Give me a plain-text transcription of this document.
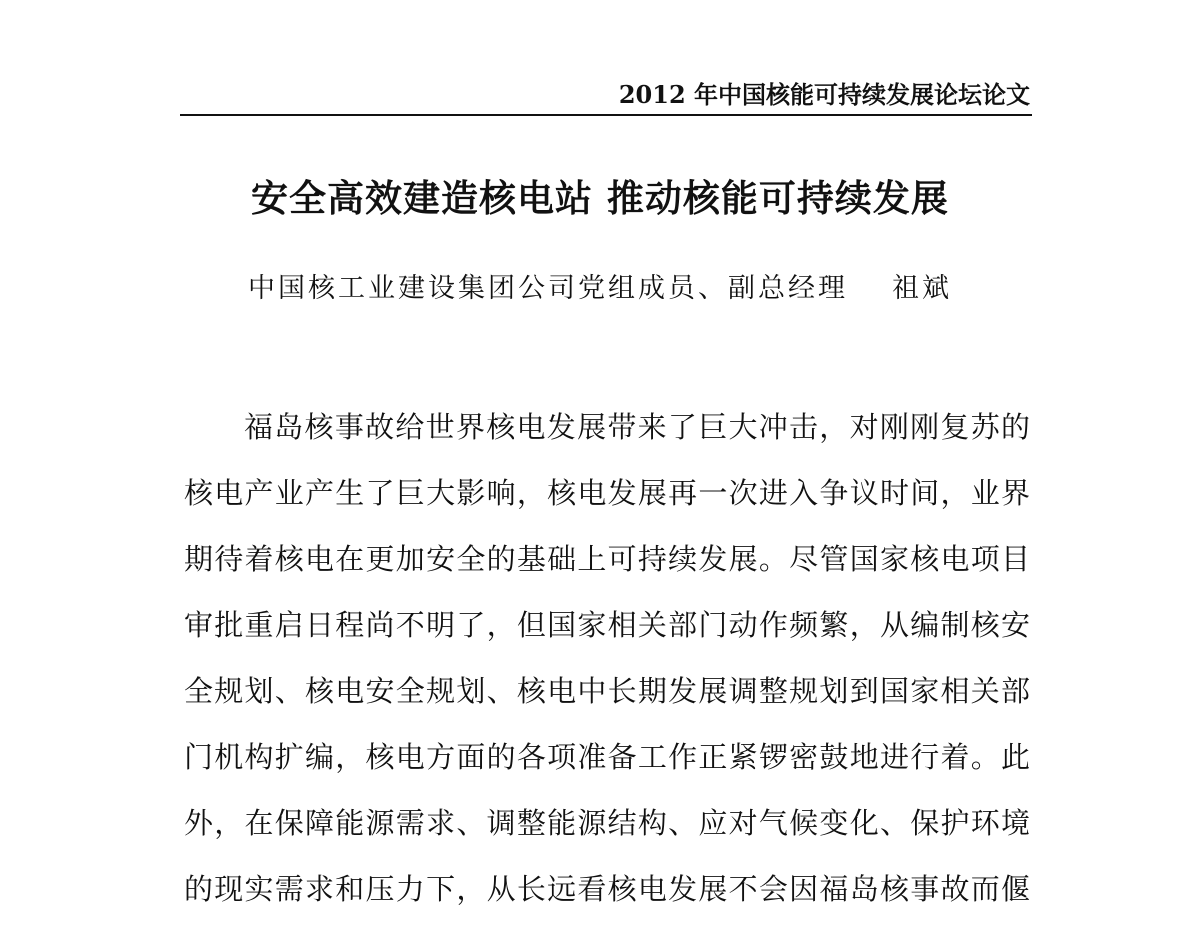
2012 年中国核能可持续发展论坛论文
安全高效建造核电站 推动核能可持续发展
中国核工业建设集团公司党组成员、副总经理 祖斌
福岛核事故给世界核电发展带来了巨大冲击，对刚刚复苏的
核电产业产生了巨大影响，核电发展再一次进入争议时间，业界
期待着核电在更加安全的基础上可持续发展。尽管国家核电项目
审批重启日程尚不明了，但国家相关部门动作频繁，从编制核安
全规划、核电安全规划、核电中长期发展调整规划到国家相关部
门机构扩编，核电方面的各项准备工作正紧锣密鼓地进行着。此
外，在保障能源需求、调整能源结构、应对气候变化、保护环境
的现实需求和压力下，从长远看核电发展不会因福岛核事故而偃
